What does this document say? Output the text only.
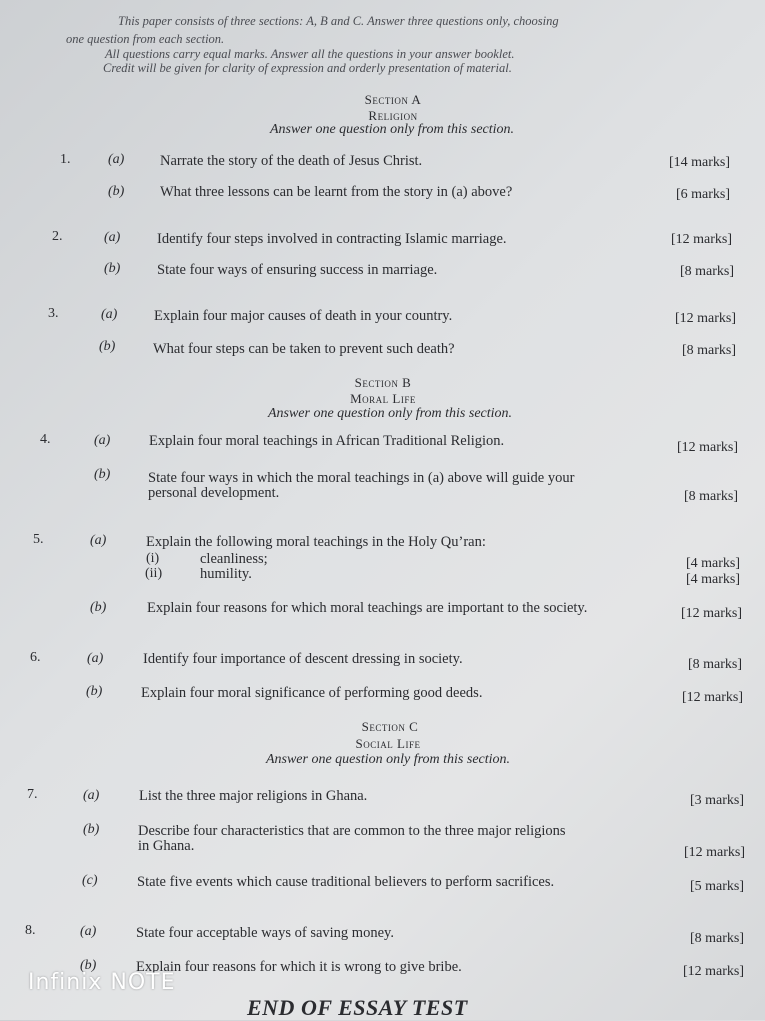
This paper consists of three sections: A, B and C. Answer three questions only, choosing
one question from each section.
All questions carry equal marks. Answer all the questions in your answer booklet.
Credit will be given for clarity of expression and orderly presentation of material.
Section A
Religion
Answer one question only from this section.
1.	(a) Narrate the story of the death of Jesus Christ.	[14 marks]
(b) What three lessons can be learnt from the story in (a) above?	[6 marks]
2.	(a)	Identify four steps involved in contracting Islamic marriage.	[12 marks]
(b)	State four ways of ensuring success in marriage.	[8 marks]
3.	(a)	Explain four major causes of death in your country.	[12 marks]
(b)	What four steps can be taken to prevent such death?	[8 marks]
Section B
Moral Life
Answer one question only from this section.
4.	(a)	Explain four moral teachings in African Traditional Religion.	[12 marks]
(b)	State four ways in which the moral teachings in (a) above will guide your
personal development.	[8 marks]
5.	(a)	Explain the following moral teachings in the Holy Qu’ran:
(i)	cleanliness;	[4 marks]
(ii)	humility.	[4 marks]
(b)	Explain four reasons for which moral teachings are important to the society.	[12 marks]
6.	(a)	Identify four importance of descent dressing in society.	[8 marks]
(b)	Explain four moral significance of performing good deeds.	[12 marks]
Section C
Social Life
Answer one question only from this section.
7.	(a)	List the three major religions in Ghana.	[3 marks]
(b)	Describe four characteristics that are common to the three major religions
in Ghana.	[12 marks]
(c)	State five events which cause traditional believers to perform sacrifices.	[5 marks]
8.	(a)	State four acceptable ways of saving money.	[8 marks]
(b)	Explain four reasons for which it is wrong to give bribe.	[12 marks]
END OF ESSAY TEST
Infinix NOTE
